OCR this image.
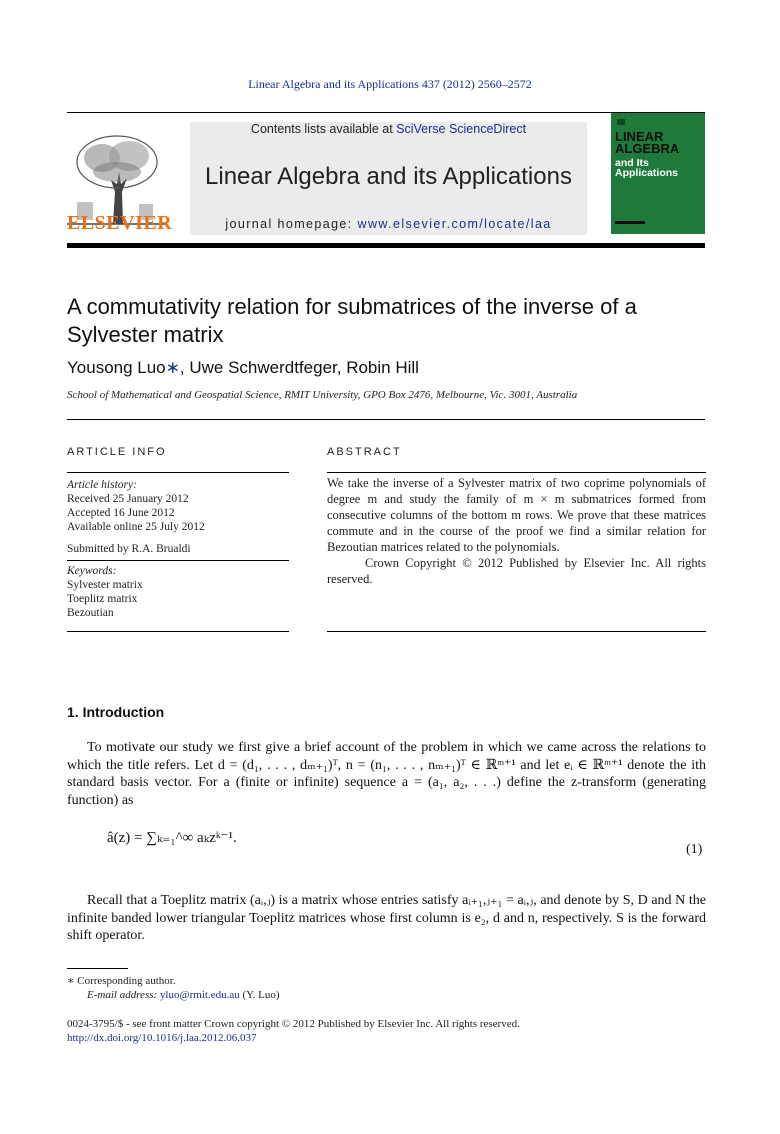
Linear Algebra and its Applications 437 (2012) 2560–2572
ELSEVIER
Contents lists available at SciVerse ScienceDirect
Linear Algebra and its Applications
journal homepage: www.elsevier.com/locate/laa
LINEAR ALGEBRA
and Its Applications
A commutativity relation for submatrices of the inverse of a Sylvester matrix
Yousong Luo∗, Uwe Schwerdtfeger, Robin Hill
School of Mathematical and Geospatial Science, RMIT University, GPO Box 2476, Melbourne, Vic. 3001, Australia
ARTICLE INFO
Article history:
Received 25 January 2012
Accepted 16 June 2012
Available online 25 July 2012
Submitted by R.A. Brualdi
Keywords:
Sylvester matrix
Toeplitz matrix
Bezoutian
ABSTRACT
We take the inverse of a Sylvester matrix of two coprime polynomials of degree m and study the family of m × m submatrices formed from consecutive columns of the bottom m rows. We prove that these matrices commute and in the course of the proof we find a similar relation for Bezoutian matrices related to the polynomials.
Crown Copyright © 2012 Published by Elsevier Inc. All rights reserved.
1. Introduction
To motivate our study we first give a brief account of the problem in which we came across the relations to which the title refers. Let d = (d₁, . . . , dₘ₊₁)ᵀ, n = (n₁, . . . , nₘ₊₁)ᵀ ∈ ℝᵐ⁺¹ and let eᵢ ∈ ℝᵐ⁺¹ denote the ith standard basis vector. For a (finite or infinite) sequence a = (a₁, a₂, . . .) define the z-transform (generating function) as
â(z) = ∑ₖ₌₁^∞ aₖzᵏ⁻¹.
(1)
Recall that a Toeplitz matrix (aᵢ,ⱼ) is a matrix whose entries satisfy aᵢ₊₁,ⱼ₊₁ = aᵢ,ⱼ, and denote by S, D and N the infinite banded lower triangular Toeplitz matrices whose first column is e₂, d and n, respectively. S is the forward shift operator.
∗ Corresponding author.
E-mail address: yluo@rmit.edu.au (Y. Luo)
0024-3795/$ - see front matter Crown copyright © 2012 Published by Elsevier Inc. All rights reserved.
http://dx.doi.org/10.1016/j.laa.2012.06.037
